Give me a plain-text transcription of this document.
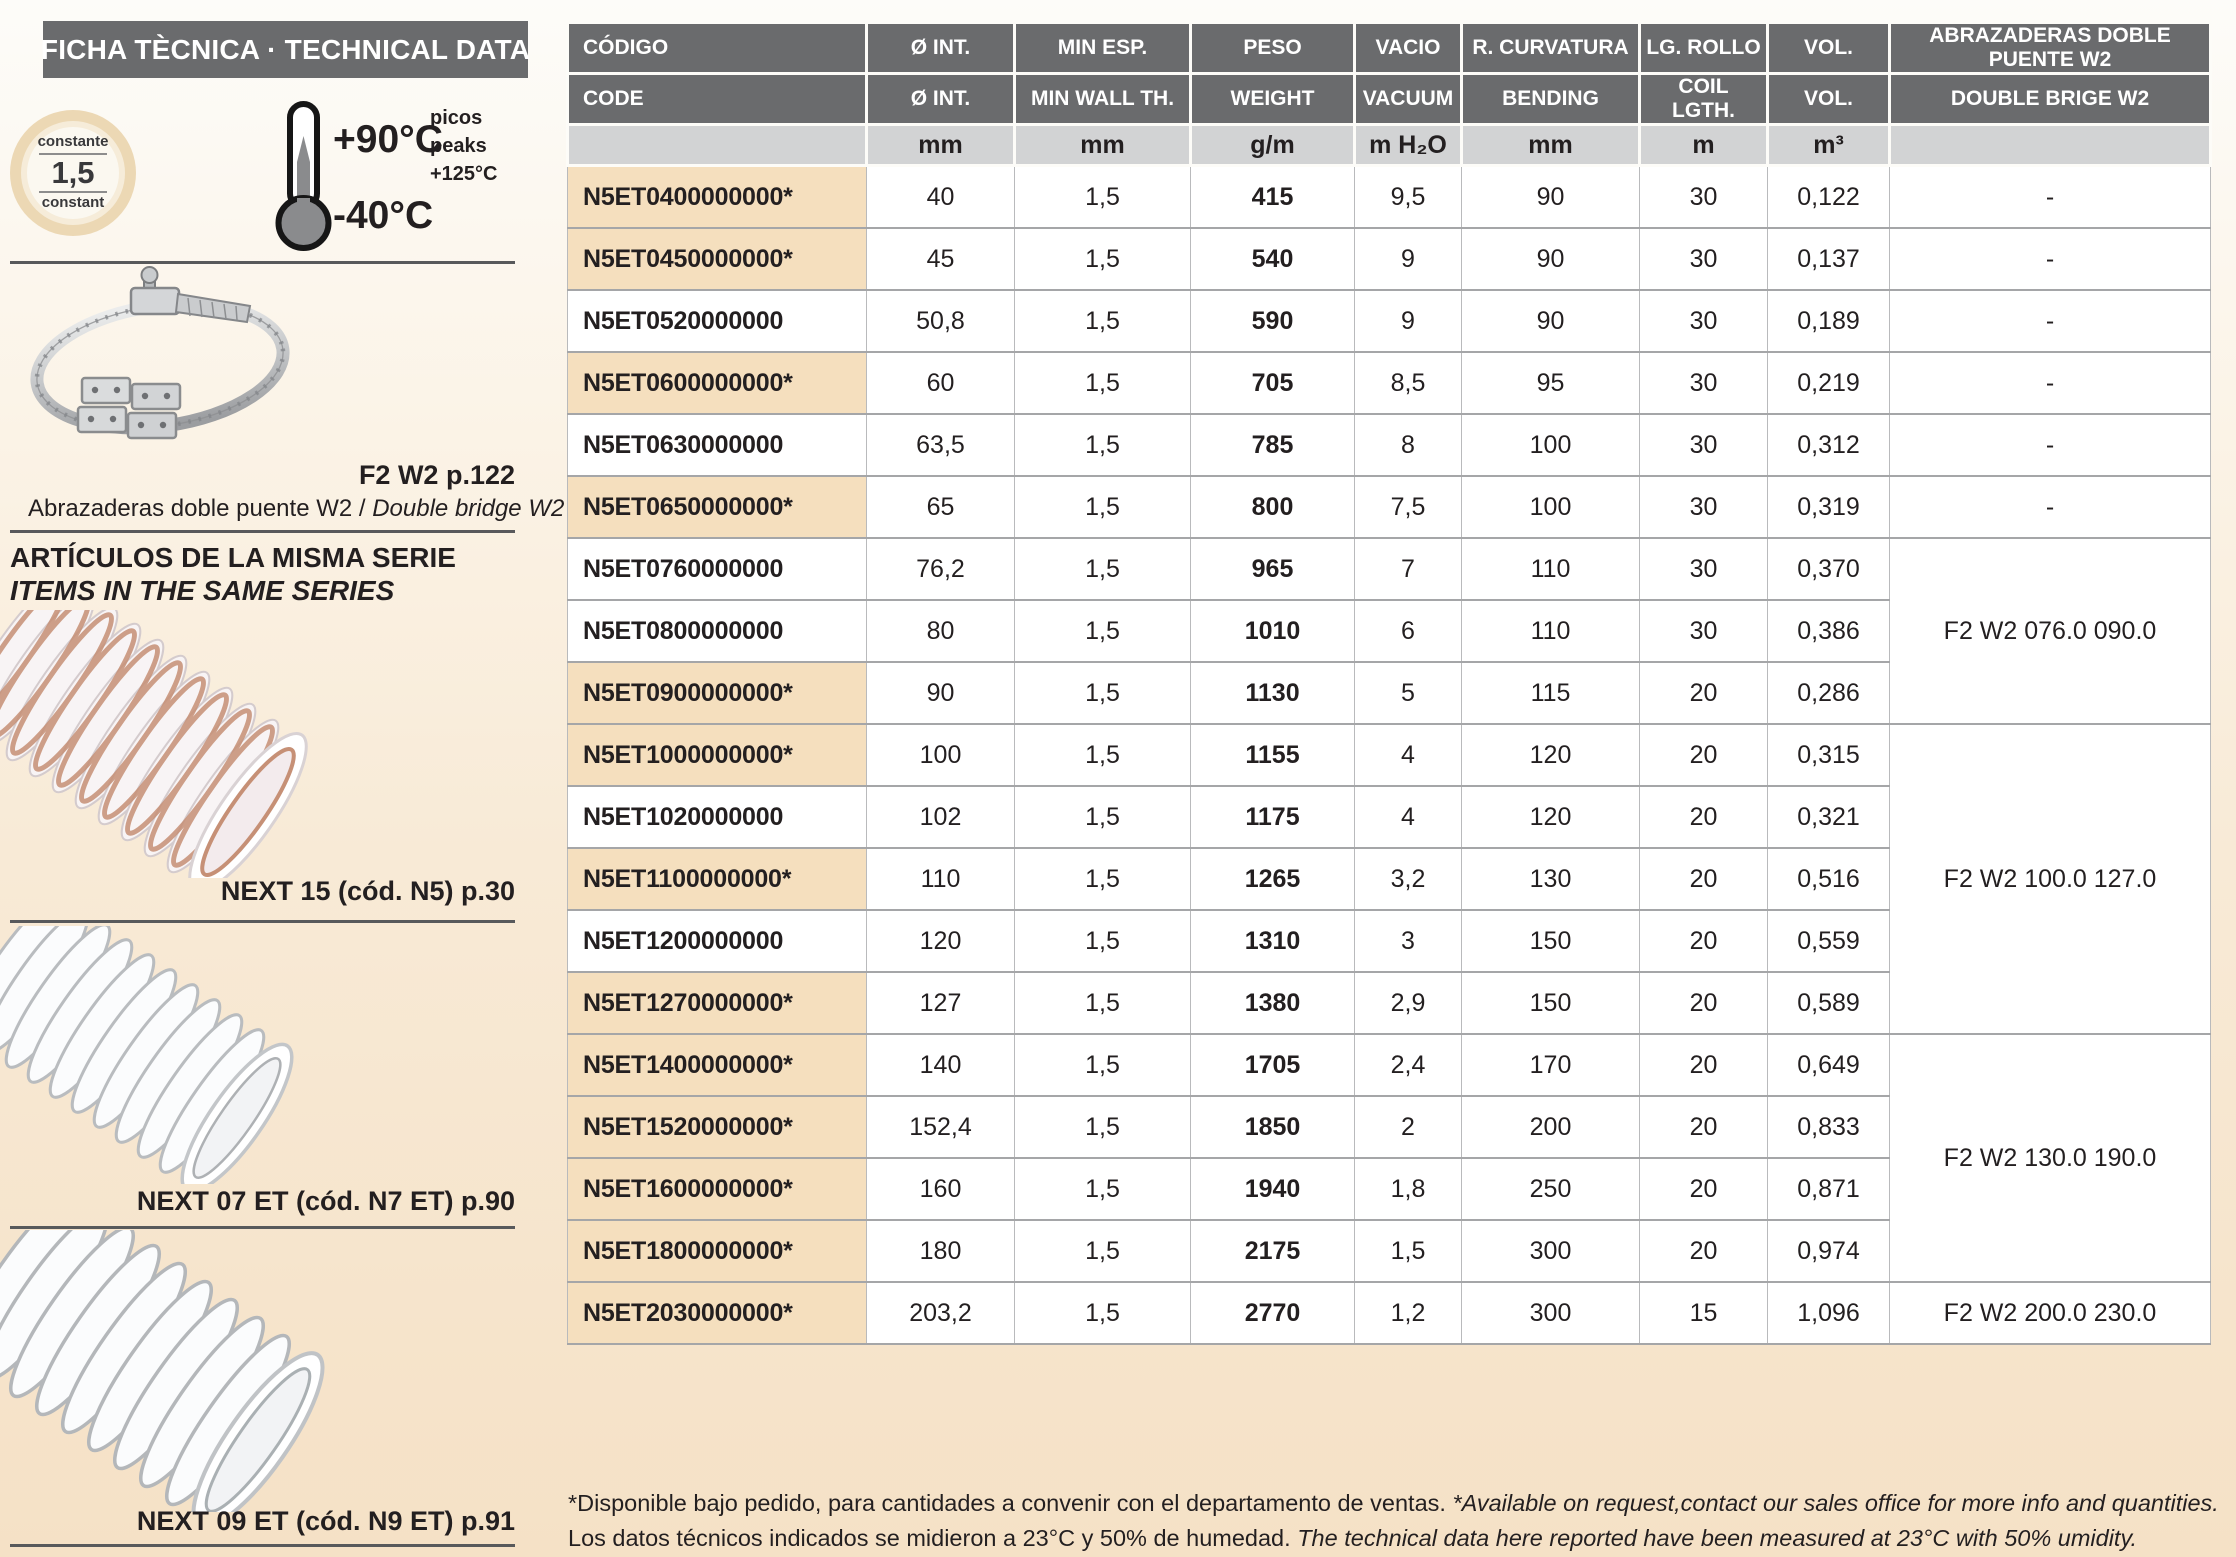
FICHA TÈCNICA · TECHNICAL DATA
constante
1,5
constant
+90°C
picos
peaks
+125°C
-40°C
F2 W2 p.122
Abrazaderas doble puente W2 / Double bridge W2
ARTÍCULOS DE LA MISMA SERIE
ITEMS IN THE SAME SERIES
NEXT 15 (cód. N5) p.30
NEXT 07 ET (cód. N7 ET) p.90
NEXT 09 ET (cód. N9 ET) p.91
CÓDIGO	Ø INT.	MIN ESP.	PESO	VACIO	R. CURVATURA	LG. ROLLO	VOL.	ABRAZADERAS DOBLE PUENTE W2
CODE	Ø INT.	MIN WALL TH.	WEIGHT	VACUUM	BENDING	COIL LGTH.	VOL.	DOUBLE BRIGE W2
	mm	mm	g/m	m H₂O	mm	m	m³	
N5ET0400000000*	40	1,5	415	9,5	90	30	0,122	-
N5ET0450000000*	45	1,5	540	9	90	30	0,137	-
N5ET0520000000	50,8	1,5	590	9	90	30	0,189	-
N5ET0600000000*	60	1,5	705	8,5	95	30	0,219	-
N5ET0630000000	63,5	1,5	785	8	100	30	0,312	-
N5ET0650000000*	65	1,5	800	7,5	100	30	0,319	-
N5ET0760000000	76,2	1,5	965	7	110	30	0,370	F2 W2 076.0 090.0
N5ET0800000000	80	1,5	1010	6	110	30	0,386	
N5ET0900000000*	90	1,5	1130	5	115	20	0,286	
N5ET1000000000*	100	1,5	1155	4	120	20	0,315	F2 W2 100.0 127.0
N5ET1020000000	102	1,5	1175	4	120	20	0,321	
N5ET1100000000*	110	1,5	1265	3,2	130	20	0,516	
N5ET1200000000	120	1,5	1310	3	150	20	0,559	
N5ET1270000000*	127	1,5	1380	2,9	150	20	0,589	
N5ET1400000000*	140	1,5	1705	2,4	170	20	0,649	F2 W2 130.0 190.0
N5ET1520000000*	152,4	1,5	1850	2	200	20	0,833	
N5ET1600000000*	160	1,5	1940	1,8	250	20	0,871	
N5ET1800000000*	180	1,5	2175	1,5	300	20	0,974	
N5ET2030000000*	203,2	1,5	2770	1,2	300	15	1,096	F2 W2 200.0 230.0
*Disponible bajo pedido, para cantidades a convenir con el departamento de ventas. *Available on request,contact our sales office for more info and quantities.
Los datos técnicos indicados se midieron a 23°C y 50% de humedad. The technical data here reported have been measured at 23°C with 50% umidity.
